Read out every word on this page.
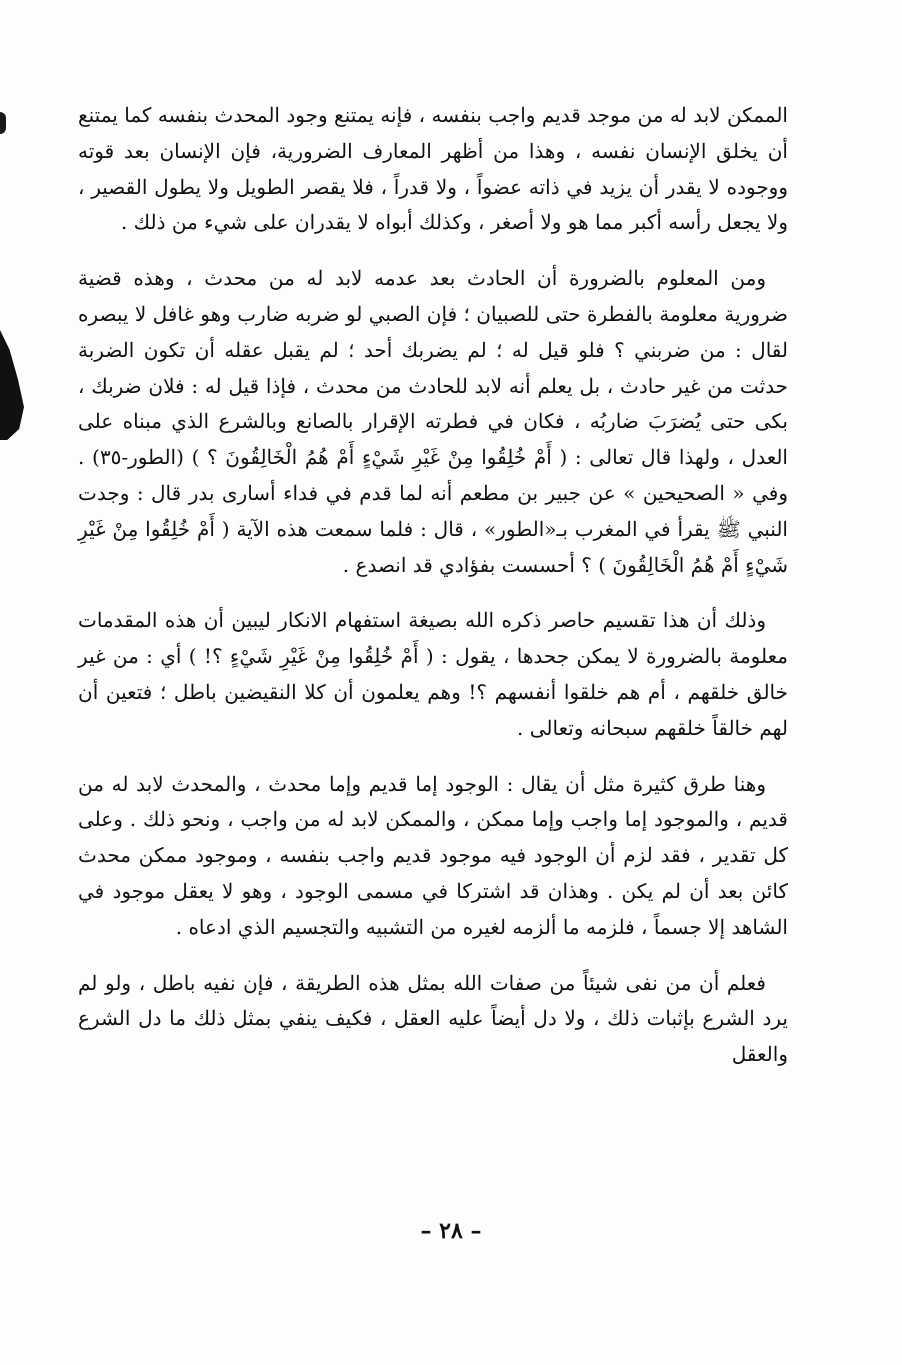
الممكن لابد له من موجد قديم واجب بنفسه ، فإنه يمتنع وجود المحدث بنفسه كما يمتنع أن يخلق الإنسان نفسه ، وهذا من أظهر المعارف الضرورية، فإن الإنسان بعد قوته ووجوده لا يقدر أن يزيد في ذاته عضواً ، ولا قدراً ، فلا يقصر الطويل ولا يطول القصير ، ولا يجعل رأسه أكبر مما هو ولا أصغر ، وكذلك أبواه لا يقدران على شيء من ذلك .

ومن المعلوم بالضرورة أن الحادث بعد عدمه لابد له من محدث ، وهذه قضية ضرورية معلومة بالفطرة حتى للصبيان ؛ فإن الصبي لو ضربه ضارب وهو غافل لا يبصره لقال : من ضربني ؟ فلو قيل له ؛ لم يضربك أحد ؛ لم يقبل عقله أن تكون الضربة حدثت من غير حادث ، بل يعلم أنه لابد للحادث من محدث ، فإذا قيل له : فلان ضربك ، بكى حتى يُضرَبَ ضاربُه ، فكان في فطرته الإقرار بالصانع وبالشرع الذي مبناه على العدل ، ولهذا قال تعالى : ( أَمْ خُلِقُوا مِنْ غَيْرِ شَيْءٍ أَمْ هُمُ الْخَالِقُونَ ؟ ) (الطور-٣٥) . وفي « الصحيحين » عن جبير بن مطعم أنه لما قدم في فداء أسارى بدر قال : وجدت النبي ﷺ يقرأ في المغرب بـ«الطور» ، قال : فلما سمعت هذه الآية ( أَمْ خُلِقُوا مِنْ غَيْرِ شَيْءٍ أَمْ هُمُ الْخَالِقُونَ ) ؟ أحسست بفؤادي قد انصدع .

وذلك أن هذا تقسيم حاصر ذكره الله بصيغة استفهام الانكار ليبين أن هذه المقدمات معلومة بالضرورة لا يمكن جحدها ، يقول : ( أَمْ خُلِقُوا مِنْ غَيْرِ شَيْءٍ ؟! ) أي : من غير خالق خلقهم ، أم هم خلقوا أنفسهم ؟! وهم يعلمون أن كلا النقيضين باطل ؛ فتعين أن لهم خالقاً خلقهم سبحانه وتعالى .

وهنا طرق كثيرة مثل أن يقال : الوجود إما قديم وإما محدث ، والمحدث لابد له من قديم ، والموجود إما واجب وإما ممكن ، والممكن لابد له من واجب ، ونحو ذلك . وعلى كل تقدير ، فقد لزم أن الوجود فيه موجود قديم واجب بنفسه ، وموجود ممكن محدث كائن بعد أن لم يكن . وهذان قد اشتركا في مسمى الوجود ، وهو لا يعقل موجود في الشاهد إلا جسماً ، فلزمه ما ألزمه لغيره من التشبيه والتجسيم الذي ادعاه .

فعلم أن من نفى شيئاً من صفات الله بمثل هذه الطريقة ، فإن نفيه باطل ، ولو لم يرد الشرع بإثبات ذلك ، ولا دل أيضاً عليه العقل ، فكيف ينفي بمثل ذلك ما دل الشرع والعقل

– ٢٨ –
